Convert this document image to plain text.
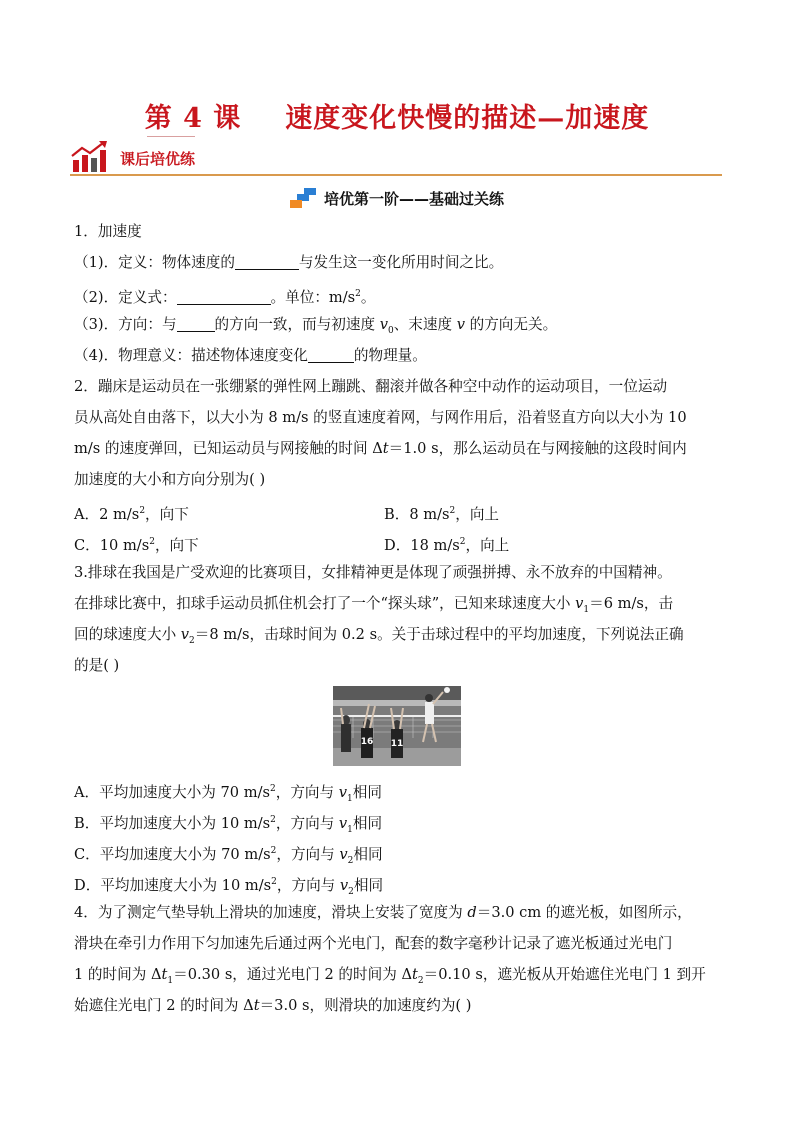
第 4 课 速度变化快慢的描述—加速度
课后培优练
培优第一阶——基础过关练
1．加速度
（1)．定义：物体速度的	与发生这一变化所用时间之比。
（2)．定义式：	。单位：$m/s^2$。
（3)．方向：与	的方向一致，而与初速度 $v_0$、末速度 v 的方向无关。
（4)．物理意义：描述物体速度变化	的物理量。
2．蹦床是运动员在一张绷紧的弹性网上蹦跳、翻滚并做各种空中动作的运动项目，一位运动
员从高处自由落下，以大小为 8 m/s 的竖直速度着网，与网作用后，沿着竖直方向以大小为 10
m/s 的速度弹回，已知运动员与网接触的时间 Δt＝1.0 s，那么运动员在与网接触的这段时间内
加速度的大小和方向分别为( )
A．2 $m/s^2$，向下	B．8 $m/s^2$，向上
C．10 $m/s^2$，向下	D．18 $m/s^2$，向上
3.排球在我国是广受欢迎的比赛项目，女排精神更是体现了顽强拼搏、永不放弃的中国精神。
在排球比赛中，扣球手运动员抓住机会打了一个“探头球”，已知来球速度大小 $v_1=6$ m/s，击
回的球速度大小 $v_2=8$ m/s，击球时间为 0.2 s。关于击球过程中的平均加速度，下列说法正确
的是( )
16 11
A．平均加速度大小为 70 $m/s^2$，方向与 $v_1$相同
B．平均加速度大小为 10 $m/s^2$，方向与 $v_1$相同
C．平均加速度大小为 70 $m/s^2$，方向与 $v_2$相同
D．平均加速度大小为 10 $m/s^2$，方向与 $v_2$相同
4．为了测定气垫导轨上滑块的加速度，滑块上安装了宽度为 d＝3.0 cm 的遮光板，如图所示，
滑块在牵引力作用下匀加速先后通过两个光电门，配套的数字毫秒计记录了遮光板通过光电门
1 的时间为 $\Delta t_1=0.30$ s，通过光电门 2 的时间为 $\Delta t_2=0.10$ s，遮光板从开始遮住光电门 1 到开
始遮住光电门 2 的时间为 Δt＝3.0 s，则滑块的加速度约为( )
